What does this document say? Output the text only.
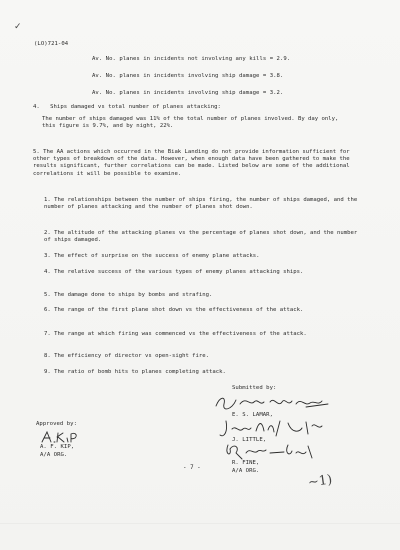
✓
(LO)721-04
Av. No. planes in incidents not involving any kills = 2.9.
Av. No. planes in incidents involving ship damage = 3.8.
Av. No. planes in incidents involving ship damage = 3.2.
4.   Ships damaged vs total number of planes attacking:
The number of ships damaged was 11% of the total number of planes involved. By day only, this figure is 9.7%, and by night, 22%.
5. The AA actions which occurred in the Biak Landing do not provide information sufficient for other types of breakdown of the data. However, when enough data have been gathered to make the results significant, further correlations can be made. Listed below are some of the additional correlations it will be possible to examine.
1. The relationships between the number of ships firing, the number of ships damaged, and the number of planes attacking and the number of planes shot down.
2. The altitude of the attacking planes vs the percentage of planes shot down, and the number of ships damaged.
3. The effect of surprise on the success of enemy plane attacks.
4. The relative success of the various types of enemy planes attacking ships.
5. The damage done to ships by bombs and strafing.
6. The range of the first plane shot down vs the effectiveness of the attack.
7. The range at which firing was commenced vs the effectiveness of the attack.
8. The efficiency of director vs open-sight fire.
9. The ratio of bomb hits to planes completing attack.
Submitted by:
E. S. LAMAR,
J. LITTLE,
R. FINE,
A/A ORG.
Approved by:
A. F. KIP,
A/A ORG.
- 7 -
~1)
